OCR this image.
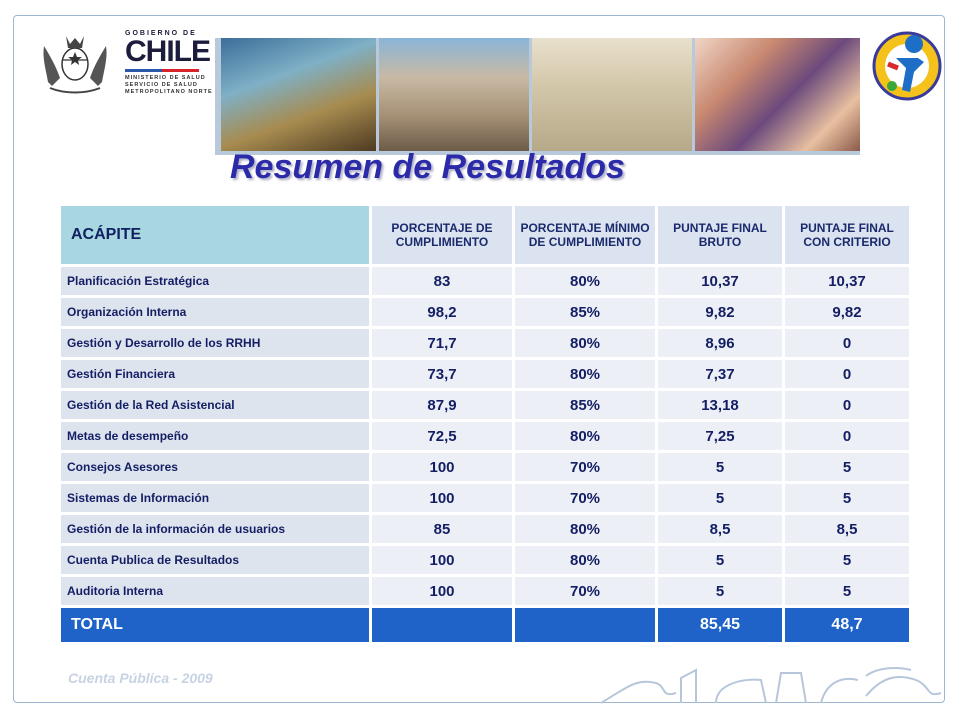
GOBIERNO DE
CHILE
MINISTERIO DE SALUD
SERVICIO DE SALUD
METROPOLITANO NORTE
Resumen de Resultados
ACÁPITE	PORCENTAJE DE CUMPLIMIENTO	PORCENTAJE MÍNIMO DE CUMPLIMIENTO	PUNTAJE FINAL BRUTO	PUNTAJE FINAL CON CRITERIO
Planificación Estratégica	83	80%	10,37	10,37
Organización Interna	98,2	85%	9,82	9,82
Gestión y Desarrollo de los RRHH	71,7	80%	8,96	0
Gestión Financiera	73,7	80%	7,37	0
Gestión de la Red Asistencial	87,9	85%	13,18	0
Metas de desempeño	72,5	80%	7,25	0
Consejos Asesores	100	70%	5	5
Sistemas de Información	100	70%	5	5
Gestión de la información de usuarios	85	80%	8,5	8,5
Cuenta Publica de Resultados	100	80%	5	5
Auditoria Interna	100	70%	5	5
TOTAL			85,45	48,7
Cuenta Pública - 2009
